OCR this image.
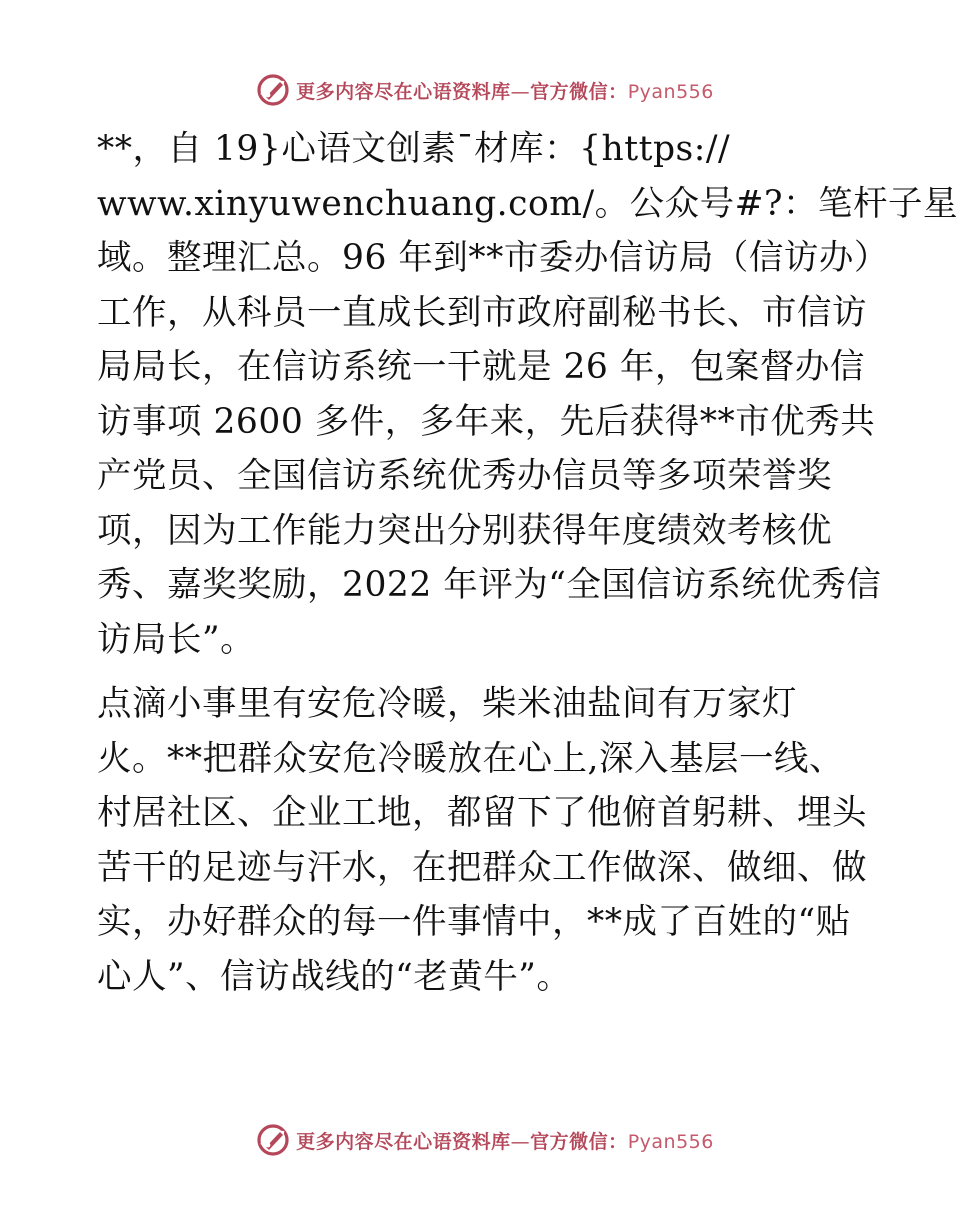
更多内容尽在心语资料库—官方微信：Pyan556

**，自 19}心语文创素¯材库：{https://
www.xinyuwenchuang.com/。公众号#?：笔杆子星
域。整理汇总。96 年到**市委办信访局（信访办）
工作，从科员一直成长到市政府副秘书长、市信访
局局长，在信访系统一干就是 26 年，包案督办信
访事项 2600 多件，多年来，先后获得**市优秀共
产党员、全国信访系统优秀办信员等多项荣誉奖
项，因为工作能力突出分别获得年度绩效考核优
秀、嘉奖奖励，2022 年评为“全国信访系统优秀信
访局长”。

点滴小事里有安危冷暖，柴米油盐间有万家灯
火。**把群众安危冷暖放在心上,深入基层一线、
村居社区、企业工地，都留下了他俯首躬耕、埋头
苦干的足迹与汗水，在把群众工作做深、做细、做
实，办好群众的每一件事情中，**成了百姓的“贴
心人”、信访战线的“老黄牛”。

更多内容尽在心语资料库—官方微信：Pyan556
